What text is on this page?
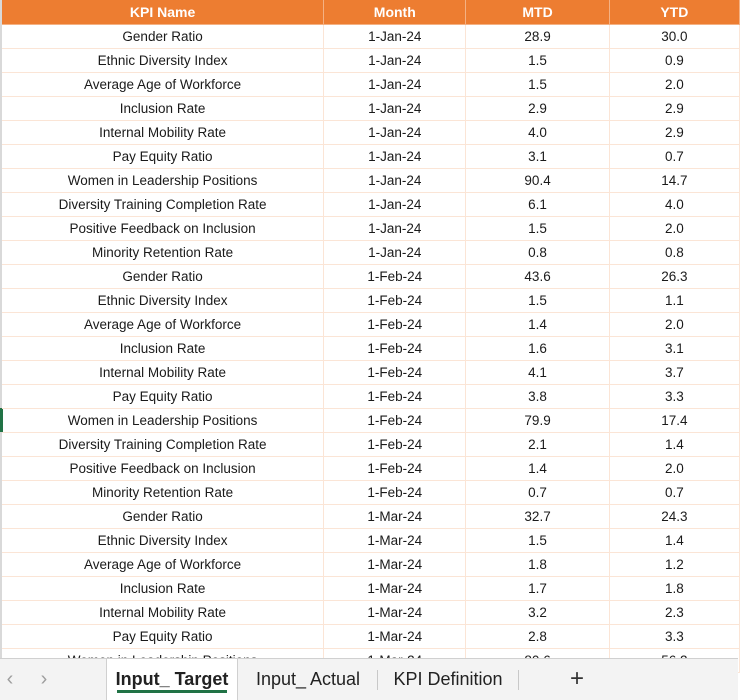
KPI Name	Month	MTD	YTD
Gender Ratio	1-Jan-24	28.9	30.0
Ethnic Diversity Index	1-Jan-24	1.5	0.9
Average Age of Workforce	1-Jan-24	1.5	2.0
Inclusion Rate	1-Jan-24	2.9	2.9
Internal Mobility Rate	1-Jan-24	4.0	2.9
Pay Equity Ratio	1-Jan-24	3.1	0.7
Women in Leadership Positions	1-Jan-24	90.4	14.7
Diversity Training Completion Rate	1-Jan-24	6.1	4.0
Positive Feedback on Inclusion	1-Jan-24	1.5	2.0
Minority Retention Rate	1-Jan-24	0.8	0.8
Gender Ratio	1-Feb-24	43.6	26.3
Ethnic Diversity Index	1-Feb-24	1.5	1.1
Average Age of Workforce	1-Feb-24	1.4	2.0
Inclusion Rate	1-Feb-24	1.6	3.1
Internal Mobility Rate	1-Feb-24	4.1	3.7
Pay Equity Ratio	1-Feb-24	3.8	3.3
Women in Leadership Positions	1-Feb-24	79.9	17.4
Diversity Training Completion Rate	1-Feb-24	2.1	1.4
Positive Feedback on Inclusion	1-Feb-24	1.4	2.0
Minority Retention Rate	1-Feb-24	0.7	0.7
Gender Ratio	1-Mar-24	32.7	24.3
Ethnic Diversity Index	1-Mar-24	1.5	1.4
Average Age of Workforce	1-Mar-24	1.8	1.2
Inclusion Rate	1-Mar-24	1.7	1.8
Internal Mobility Rate	1-Mar-24	3.2	2.3
Pay Equity Ratio	1-Mar-24	2.8	3.3

‹	›	Input_ Target Input_ Actual KPI Definition	+
